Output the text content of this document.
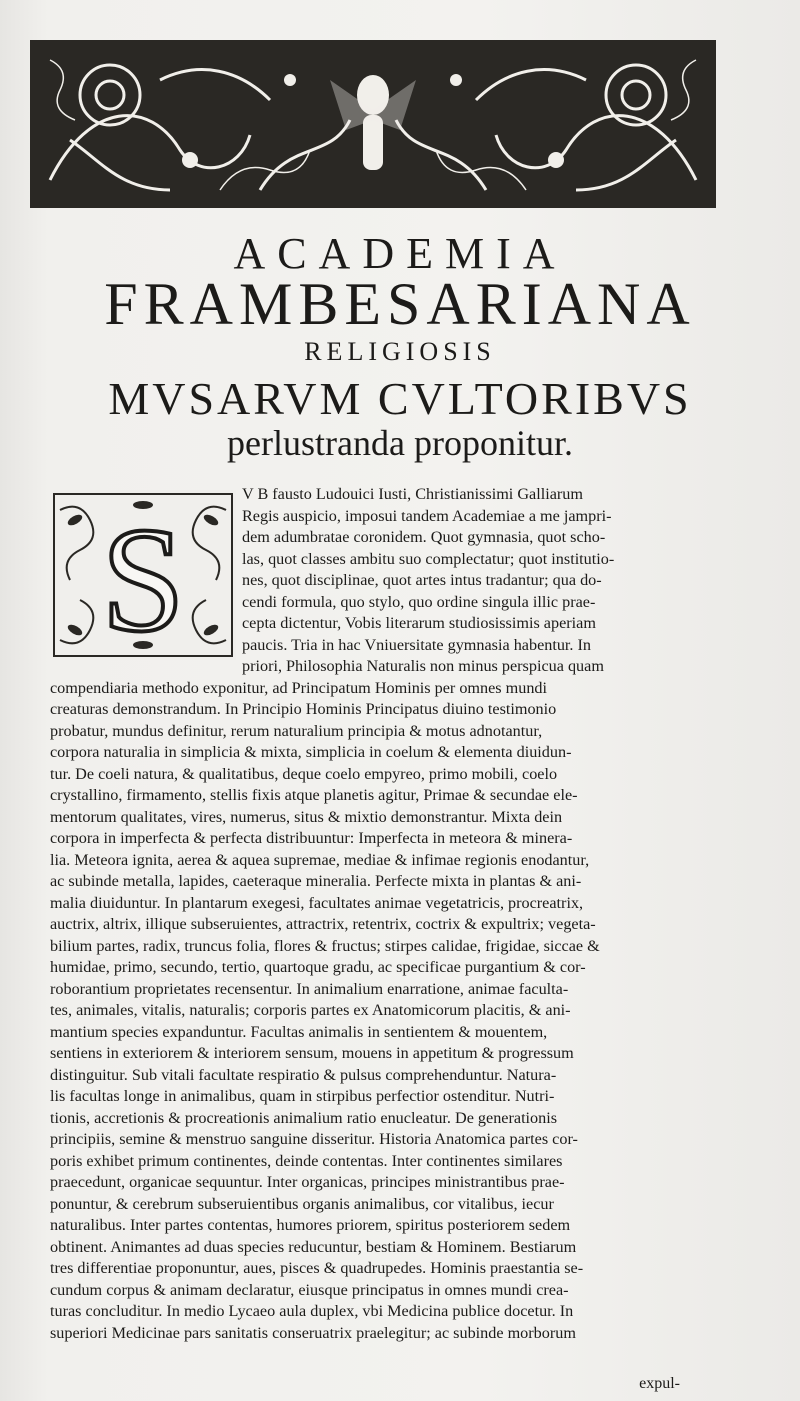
ACADEMIA
FRAMBESARIANA
RELIGIOSIS
MVSARVM CVLTORIBVS
perlustranda proponitur.
S
V B fausto Ludouici Iusti, Christianissimi Galliarum
Regis auspicio, imposui tandem Academiae a me jampri-
dem adumbratae coronidem. Quot gymnasia, quot scho-
las, quot classes ambitu suo complectatur; quot institutio-
nes, quot disciplinae, quot artes intus tradantur; qua do-
cendi formula, quo stylo, quo ordine singula illic prae-
cepta dictentur, Vobis literarum studiosissimis aperiam
paucis. Tria in hac Vniuersitate gymnasia habentur. In
priori, Philosophia Naturalis non minus perspicua quam
compendiaria methodo exponitur, ad Principatum Hominis per omnes mundi
creaturas demonstrandum. In Principio Hominis Principatus diuino testimonio
probatur, mundus definitur, rerum naturalium principia & motus adnotantur,
corpora naturalia in simplicia & mixta, simplicia in coelum & elementa diuidun-
tur. De coeli natura, & qualitatibus, deque coelo empyreo, primo mobili, coelo
crystallino, firmamento, stellis fixis atque planetis agitur, Primae & secundae ele-
mentorum qualitates, vires, numerus, situs & mixtio demonstrantur. Mixta dein
corpora in imperfecta & perfecta distribuuntur: Imperfecta in meteora & minera-
lia. Meteora ignita, aerea & aquea supremae, mediae & infimae regionis enodantur,
ac subinde metalla, lapides, caeteraque mineralia. Perfecte mixta in plantas & ani-
malia diuiduntur. In plantarum exegesi, facultates animae vegetatricis, procreatrix,
auctrix, altrix, illique subseruientes, attractrix, retentrix, coctrix & expultrix; vegeta-
bilium partes, radix, truncus folia, flores & fructus; stirpes calidae, frigidae, siccae &
humidae, primo, secundo, tertio, quartoque gradu, ac specificae purgantium & cor-
roborantium proprietates recensentur. In animalium enarratione, animae faculta-
tes, animales, vitalis, naturalis; corporis partes ex Anatomicorum placitis, & ani-
mantium species expanduntur. Facultas animalis in sentientem & mouentem,
sentiens in exteriorem & interiorem sensum, mouens in appetitum & progressum
distinguitur. Sub vitali facultate respiratio & pulsus comprehenduntur. Natura-
lis facultas longe in animalibus, quam in stirpibus perfectior ostenditur. Nutri-
tionis, accretionis & procreationis animalium ratio enucleatur. De generationis
principiis, semine & menstruo sanguine disseritur. Historia Anatomica partes cor-
poris exhibet primum continentes, deinde contentas. Inter continentes similares
praecedunt, organicae sequuntur. Inter organicas, principes ministrantibus prae-
ponuntur, & cerebrum subseruientibus organis animalibus, cor vitalibus, iecur
naturalibus. Inter partes contentas, humores priorem, spiritus posteriorem sedem
obtinent. Animantes ad duas species reducuntur, bestiam & Hominem. Bestiarum
tres differentiae proponuntur, aues, pisces & quadrupedes. Hominis praestantia se-
cundum corpus & animam declaratur, eiusque principatus in omnes mundi crea-
turas concluditur. In medio Lycaeo aula duplex, vbi Medicina publice docetur. In
superiori Medicinae pars sanitatis conseruatrix praelegitur; ac subinde morborum
expul-
